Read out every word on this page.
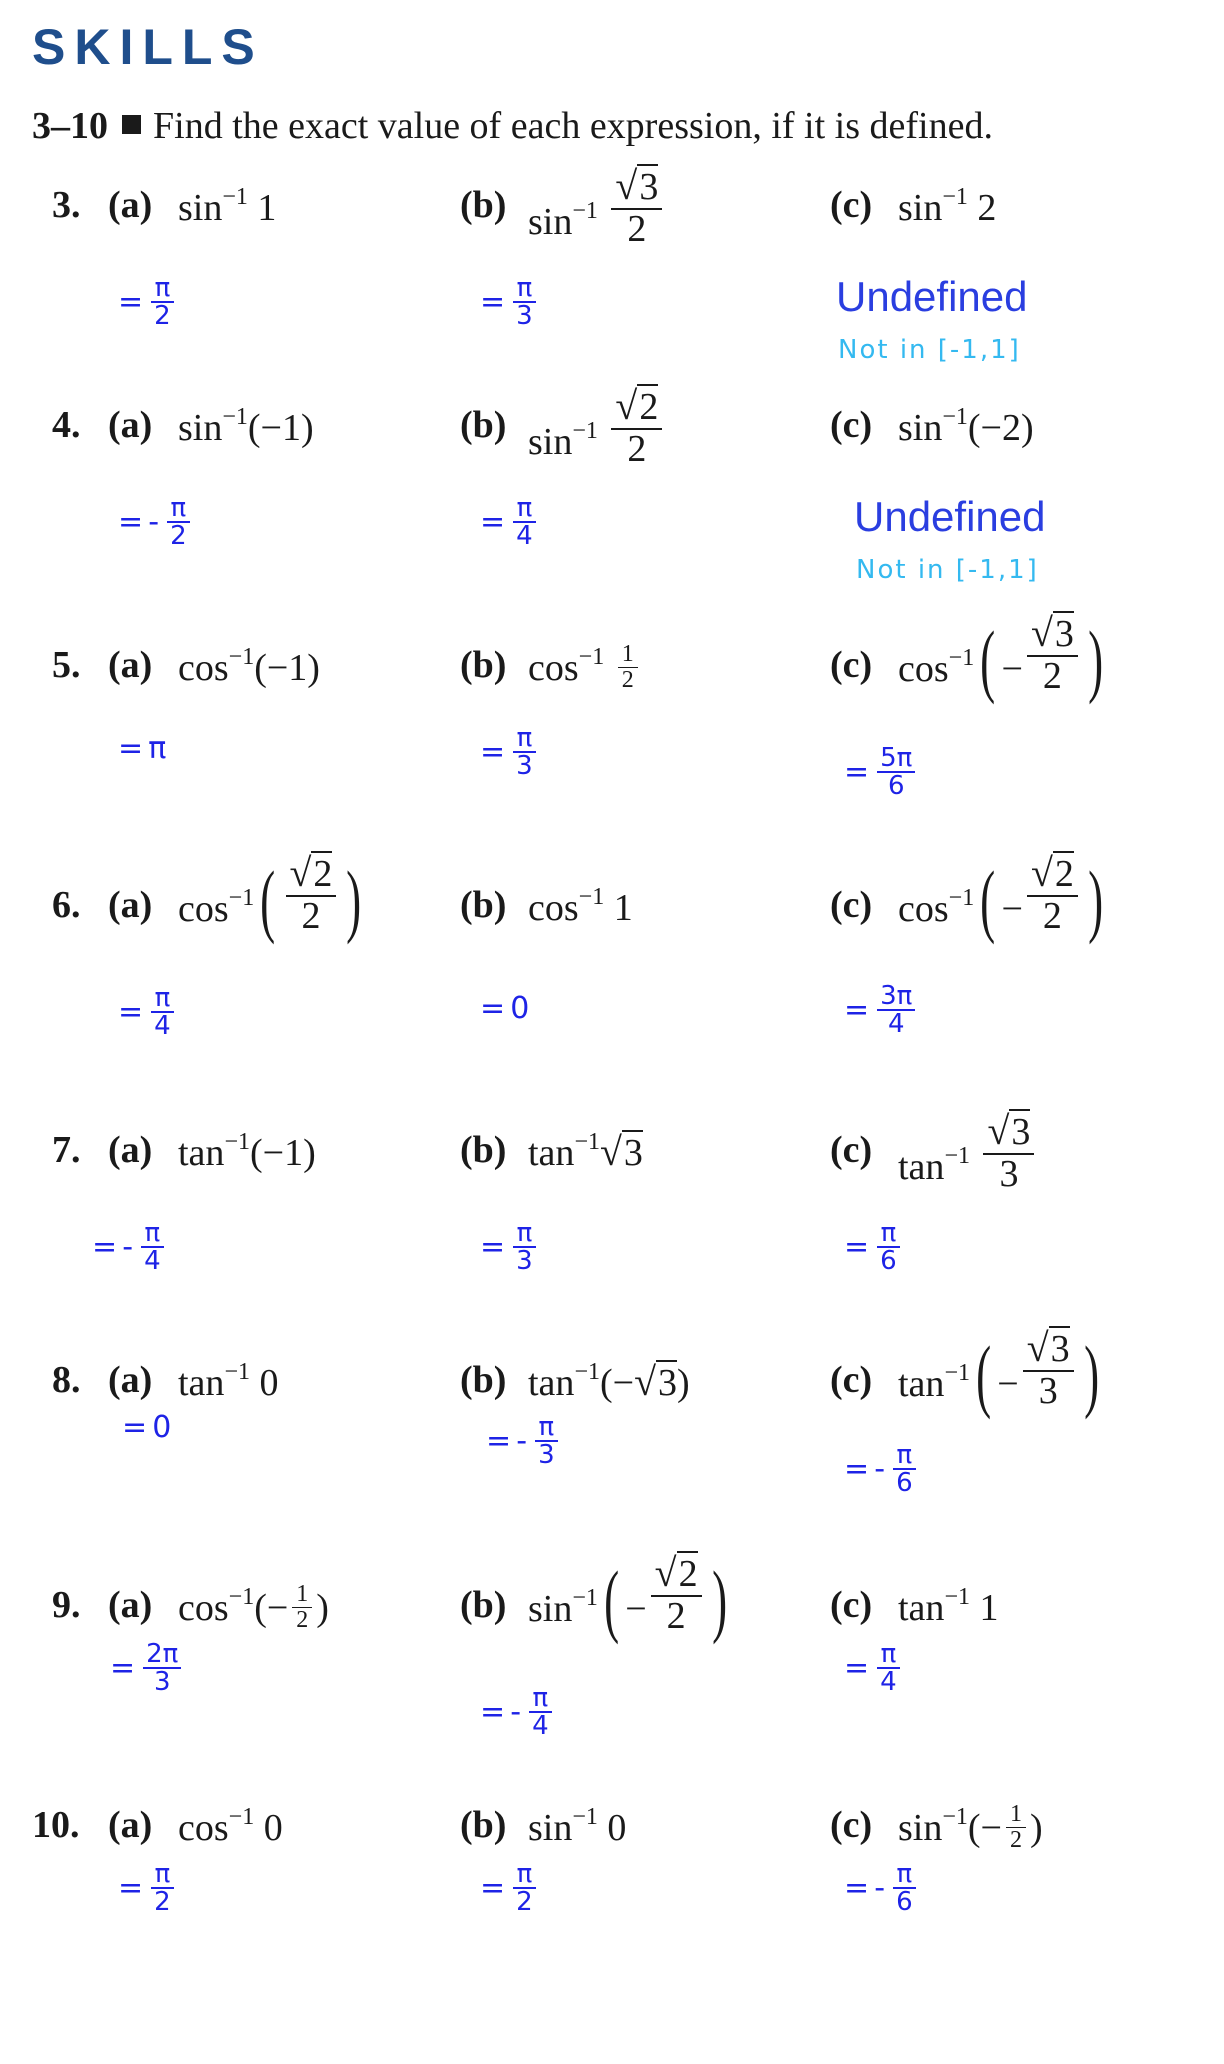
SKILLS
3–10 Find the exact value of each expression, if it is defined.
3. (a) $\sin^{-1} 1$
= $\frac{\pi}{2}$
(b) $\sin^{-1} \frac{√3}{2}$
= $\frac{\pi}{3}$
(c) $\sin^{-1} 2$
Undefined
Not in [-1,1]
4. (a) $\sin^{-1}(-1)$
= - $\frac{\pi}{2}$
(b) $\sin^{-1} \frac{√2}{2}$
= $\frac{\pi}{4}$
(c) $\sin^{-1}(-2)$
Undefined
Not in [-1,1]
5. (a) $\cos^{-1}(-1)$
= π
(b) $\cos^{-1} \frac{1}{2}$
= $\frac{\pi}{3}$
(c) $\cos^{-1}( - \frac{√3}{2}$ )
= $\frac{5\pi}{6}$
6. (a) $\cos^{-1}( \frac{√2}{2}$ )
= $\frac{\pi}{4}$
(b) $\cos^{-1} 1$
= 0
(c) $\cos^{-1}( - \frac{√2}{2}$ )
= $\frac{3\pi}{4}$
7. (a) $\tan^{-1}(-1)$
= - $\frac{\pi}{4}$
(b) $\tan^{-1}√3$
= $\frac{\pi}{3}$
(c) $\tan^{-1} \frac{√3}{3}$
= $\frac{\pi}{6}$
8. (a) $\tan^{-1} 0$
= 0
(b) $\tan^{-1}(-√3)$
= - $\frac{\pi}{3}$
(c) $\tan^{-1}( - \frac{√3}{3}$ )
= - $\frac{\pi}{6}$
9. (a) $\cos^{-1}(- \frac{1}{2}$ )
= $\frac{2\pi}{3}$
(b) $\sin^{-1}( - \frac{√2}{2}$ )
= - $\frac{\pi}{4}$
(c) $\tan^{-1} 1$
= $\frac{\pi}{4}$
10. (a) $\cos^{-1} 0$
= $\frac{\pi}{2}$
(b) $\sin^{-1} 0$
= $\frac{\pi}{2}$
(c) $\sin^{-1}(- \frac{1}{2}$ )
= - $\frac{\pi}{6}$
